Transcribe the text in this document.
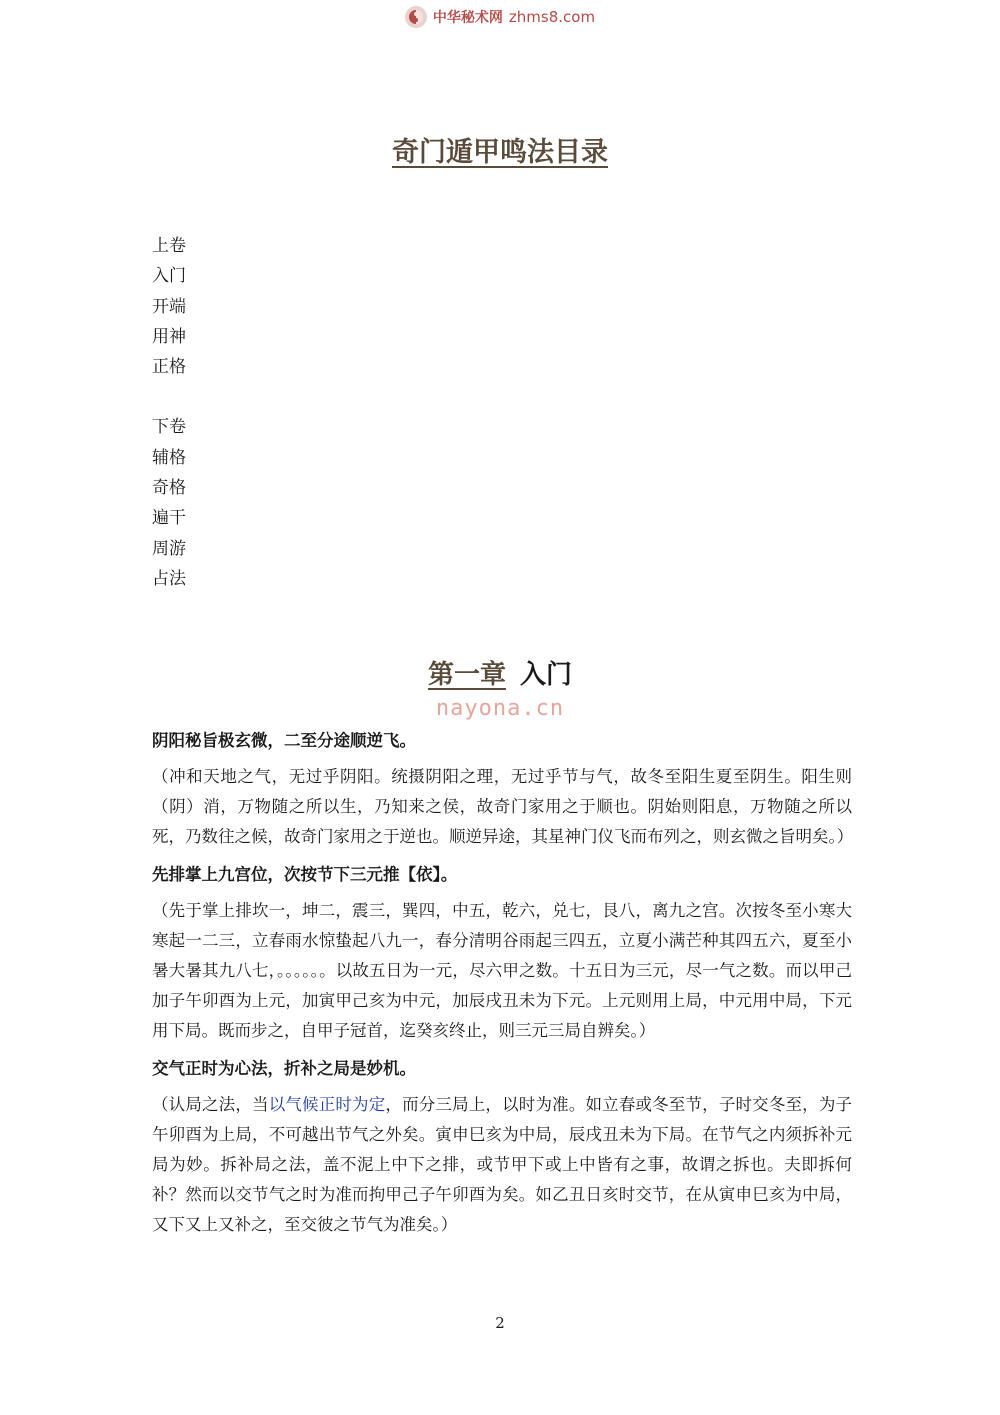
中华秘术网 zhms8.com
奇门遁甲鸣法目录
上卷
入门
开端
用神
正格
下卷
辅格
奇格
遍干
周游
占法
第一章 入门
nayona.cn

阴阳秘旨极玄微，二至分途顺逆飞。

（冲和天地之气，无过乎阴阳。统摄阴阳之理，无过乎节与气，故冬至阳生夏至阴生。阳生则（阴）消，万物随之所以生，乃知来之侯，故奇门家用之于顺也。阴始则阳息，万物随之所以死，乃数往之候，故奇门家用之于逆也。顺逆异途，其星神门仪飞而布列之，则玄微之旨明矣。）

先排掌上九宫位，次按节下三元推【依】。

（先于掌上排坎一，坤二，震三，巽四，中五，乾六，兑七，艮八，离九之宫。次按冬至小寒大寒起一二三，立春雨水惊蛰起八九一，春分清明谷雨起三四五，立夏小满芒种其四五六，夏至小暑大暑其九八七，。。。。。。以故五日为一元，尽六甲之数。十五日为三元，尽一气之数。而以甲己加子午卯酉为上元，加寅甲己亥为中元，加辰戌丑未为下元。上元则用上局，中元用中局，下元用下局。既而步之，自甲子冠首，迄癸亥终止，则三元三局自辨矣。）

交气正时为心法，折补之局是妙机。

（认局之法，当以气候正时为定，而分三局上，以时为准。如立春或冬至节，子时交冬至，为子午卯酉为上局，不可越出节气之外矣。寅申巳亥为中局，辰戌丑未为下局。在节气之内须拆补元局为妙。拆补局之法，盖不泥上中下之排，或节甲下或上中皆有之事，故谓之拆也。夫即拆何补？然而以交节气之时为准而拘甲己子午卯酉为矣。如乙丑日亥时交节，在从寅申巳亥为中局，又下又上又补之，至交彼之节气为准矣。）

2
